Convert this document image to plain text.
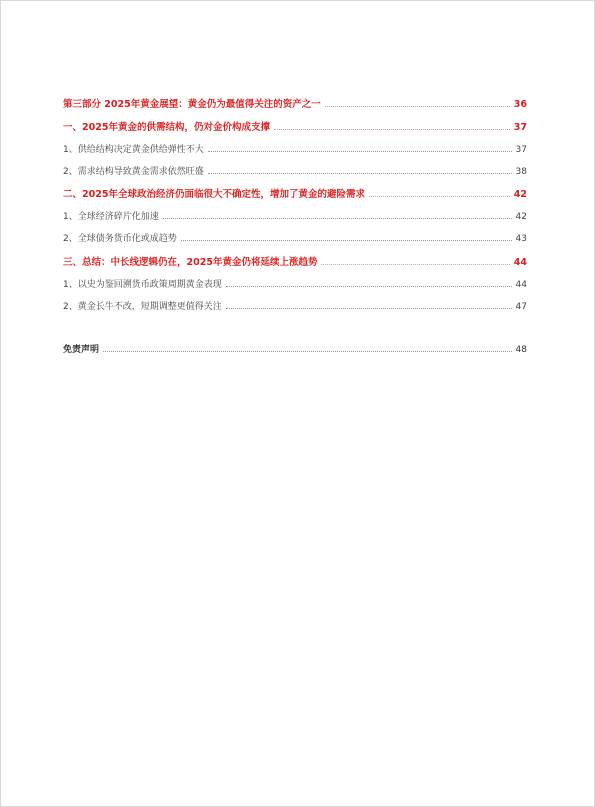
第三部分 2025年黄金展望：黄金仍为最值得关注的资产之一	36
一、2025年黄金的供需结构，仍对金价构成支撑	37
1、供给结构决定黄金供给弹性不大	37
2、需求结构导致黄金需求依然旺盛	38
二、2025年全球政治经济仍面临很大不确定性，增加了黄金的避险需求	42
1、全球经济碎片化加速	42
2、全球债务货币化或成趋势	43
三、总结：中长线逻辑仍在，2025年黄金仍将延续上涨趋势	44
1、以史为鉴回溯货币政策周期黄金表现	44
2、黄金长牛不改，短期调整更值得关注	47
免责声明	48
